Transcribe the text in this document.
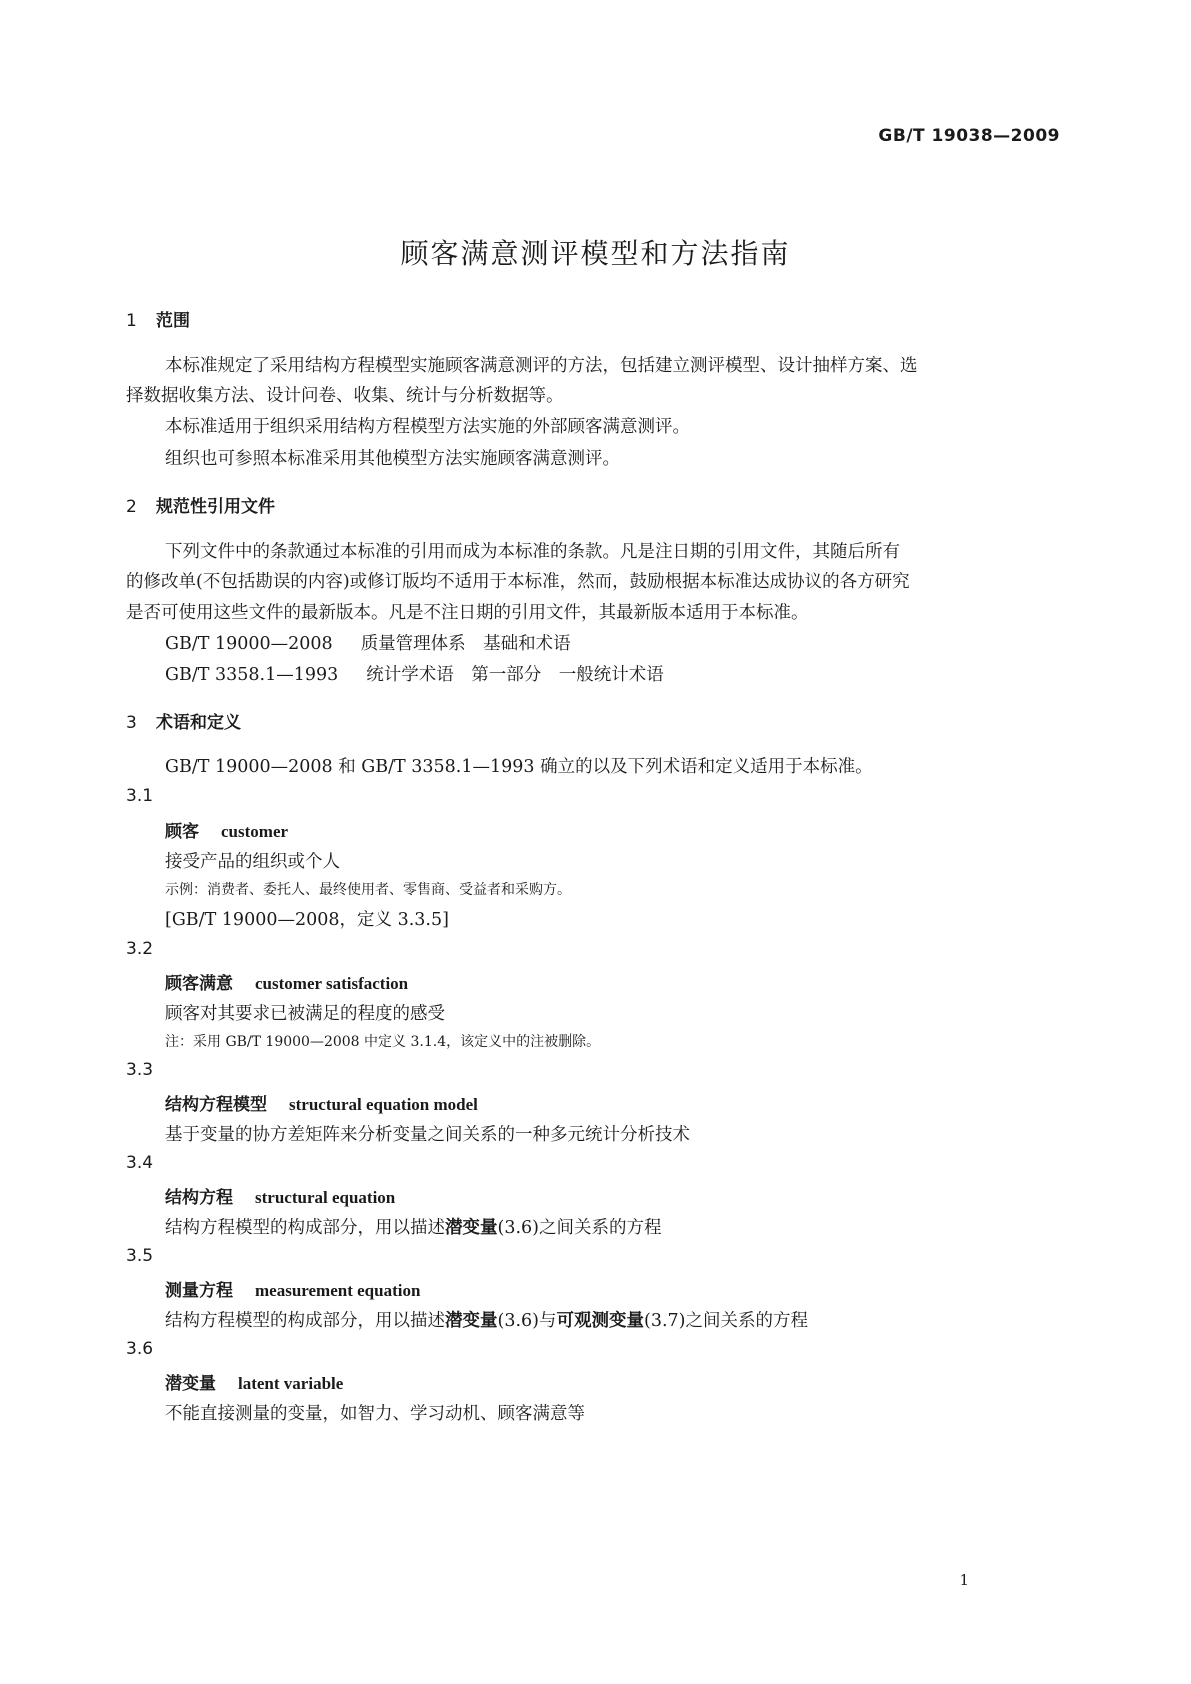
GB/T 19038—2009
顾客满意测评模型和方法指南
1 范围
本标准规定了采用结构方程模型实施顾客满意测评的方法，包括建立测评模型、设计抽样方案、选
择数据收集方法、设计问卷、收集、统计与分析数据等。
本标准适用于组织采用结构方程模型方法实施的外部顾客满意测评。
组织也可参照本标准采用其他模型方法实施顾客满意测评。
2 规范性引用文件
下列文件中的条款通过本标准的引用而成为本标准的条款。凡是注日期的引用文件，其随后所有
的修改单(不包括勘误的内容)或修订版均不适用于本标准，然而，鼓励根据本标准达成协议的各方研究
是否可使用这些文件的最新版本。凡是不注日期的引用文件，其最新版本适用于本标准。
GB/T 19000—2008 质量管理体系　基础和术语
GB/T 3358.1—1993 统计学术语　第一部分　一般统计术语
3 术语和定义
GB/T 19000—2008 和 GB/T 3358.1—1993 确立的以及下列术语和定义适用于本标准。
3.1
顾客 customer
接受产品的组织或个人
示例：消费者、委托人、最终使用者、零售商、受益者和采购方。
[GB/T 19000—2008，定义 3.3.5]
3.2
顾客满意 customer satisfaction
顾客对其要求已被满足的程度的感受
注：采用 GB/T 19000—2008 中定义 3.1.4，该定义中的注被删除。
3.3
结构方程模型 structural equation model
基于变量的协方差矩阵来分析变量之间关系的一种多元统计分析技术
3.4
结构方程 structural equation
结构方程模型的构成部分，用以描述潜变量(3.6)之间关系的方程
3.5
测量方程 measurement equation
结构方程模型的构成部分，用以描述潜变量(3.6)与可观测变量(3.7)之间关系的方程
3.6
潜变量 latent variable
不能直接测量的变量，如智力、学习动机、顾客满意等
1
